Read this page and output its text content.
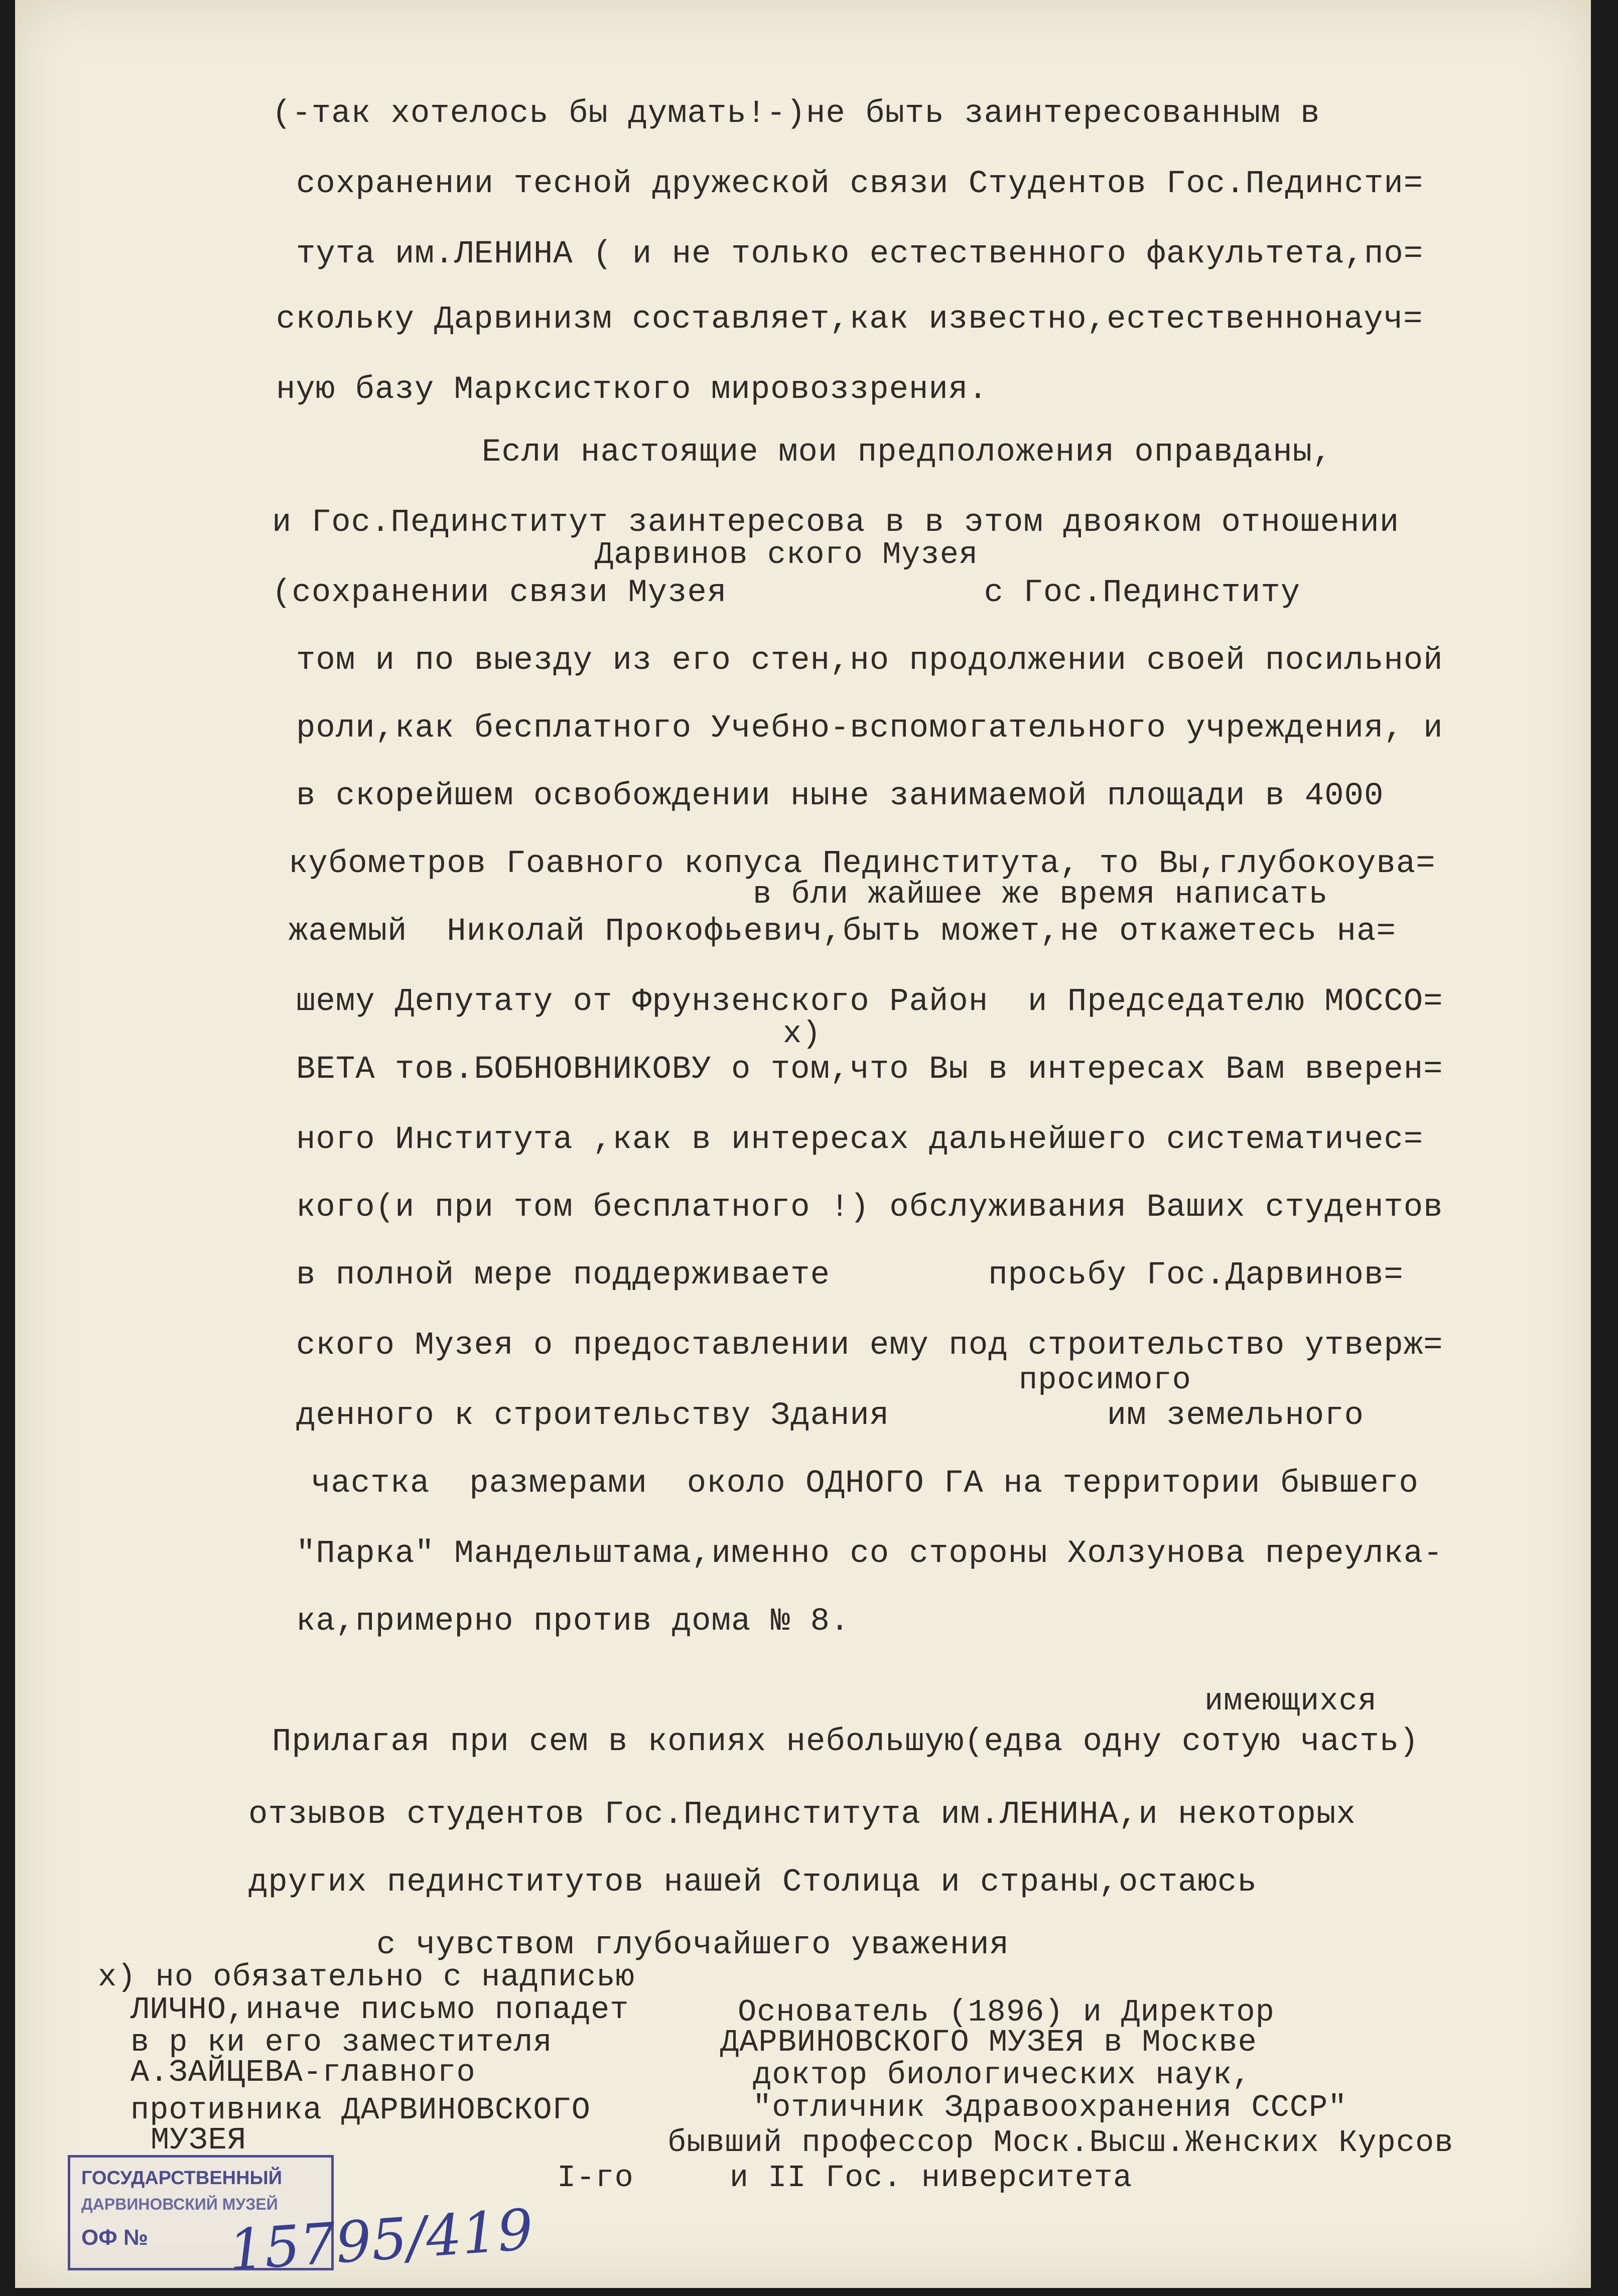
(-так хотелось бы думать!-)не быть заинтересованным в
сохранении тесной дружеской связи Студентов Гос.Пединсти=
тута им.ЛЕНИНА ( и не только естественного факультета,по=
скольку Дарвинизм составляет,как известно,естественнонауч=
ную базу Марксисткого мировоззрения.
Если настоящие мои предположения оправданы,
и Гос.Пединститут заинтересова в в этом двояком отношении
Дарвинов ского Музея
(сохранении связи Музея             с Гос.Пединститу
том и по выезду из его стен,но продолжении своей посильной
роли,как бесплатного Учебно-вспомогательного учреждения, и
в скорейшем освобождении ныне занимаемой площади в 4000
кубометров Гоавного копуса Пединститута, то Вы,глубокоува=
в бли жайшее же время написать
жаемый  Николай Прокофьевич,быть может,не откажетесь на=
шему Депутату от Фрунзенского Район  и Председателю МОССО=
х)
ВЕТА тов.БОБНОВНИКОВУ о том,что Вы в интересах Вам вверен=
ного Института ,как в интересах дальнейшего систематичес=
кого(и при том бесплатного !) обслуживания Ваших студентов
в полной мере поддерживаете        просьбу Гос.Дарвинов=
ского Музея о предоставлении ему под строительство утверж=
просимого
денного к строительству Здания           им земельного
частка  размерами  около ОДНОГО ГА на территории бывшего
"Парка" Мандельштама,именно со стороны Холзунова переулка-
ка,примерно против дома № 8.
имеющихся
Прилагая при сем в копиях небольшую(едва одну сотую часть)
отзывов студентов Гос.Пединститута им.ЛЕНИНА,и некоторых
других пединститутов нашей Столица и страны,остаюсь
с чувством глубочайшего уважения
х) но обязательно с надписью
ЛИЧНО,иначе письмо попадет
в р ки его заместителя
А.ЗАЙЦЕВА-главного
противника ДАРВИНОВСКОГО
МУЗЕЯ
Основатель (1896) и Директор
ДАРВИНОВСКОГО МУЗЕЯ в Москве
доктор биологических наук,
"отличник Здравоохранения СССР"
бывший профессор Моск.Высш.Женских Курсов
I-го     и II Гос. ниверситета
ГОСУДАРСТВЕННЫЙ
ДАРВИНОВСКИЙ МУЗЕЙ
ОФ № 15795/419
